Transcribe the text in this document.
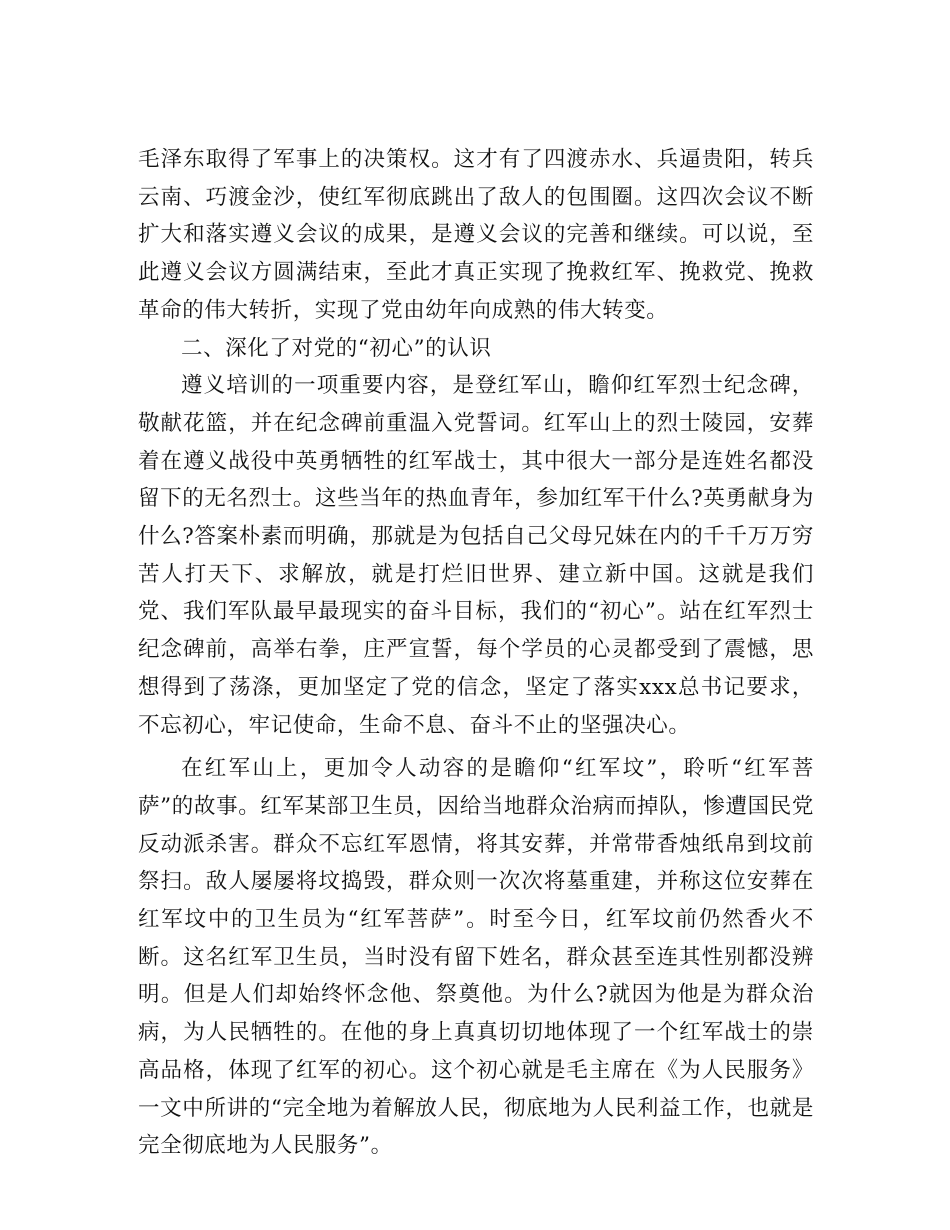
毛泽东取得了军事上的决策权。这才有了四渡赤水、兵逼贵阳，转兵云南、巧渡金沙，使红军彻底跳出了敌人的包围圈。这四次会议不断扩大和落实遵义会议的成果，是遵义会议的完善和继续。可以说，至此遵义会议方圆满结束，至此才真正实现了挽救红军、挽救党、挽救革命的伟大转折，实现了党由幼年向成熟的伟大转变。

二、深化了对党的“初心”的认识

遵义培训的一项重要内容，是登红军山，瞻仰红军烈士纪念碑，敬献花篮，并在纪念碑前重温入党誓词。红军山上的烈士陵园，安葬着在遵义战役中英勇牺牲的红军战士，其中很大一部分是连姓名都没留下的无名烈士。这些当年的热血青年，参加红军干什么?英勇献身为什么?答案朴素而明确，那就是为包括自己父母兄妹在内的千千万万穷苦人打天下、求解放，就是打烂旧世界、建立新中国。这就是我们党、我们军队最早最现实的奋斗目标，我们的“初心”。站在红军烈士纪念碑前，高举右拳，庄严宣誓，每个学员的心灵都受到了震憾，思想得到了荡涤，更加坚定了党的信念，坚定了落实xxx总书记要求，不忘初心，牢记使命，生命不息、奋斗不止的坚强决心。

在红军山上，更加令人动容的是瞻仰“红军坟”，聆听“红军菩萨”的故事。红军某部卫生员，因给当地群众治病而掉队，惨遭国民党反动派杀害。群众不忘红军恩情，将其安葬，并常带香烛纸帛到坟前祭扫。敌人屡屡将坟捣毁，群众则一次次将墓重建，并称这位安葬在红军坟中的卫生员为“红军菩萨”。时至今日，红军坟前仍然香火不断。这名红军卫生员，当时没有留下姓名，群众甚至连其性别都没辨明。但是人们却始终怀念他、祭奠他。为什么?就因为他是为群众治病，为人民牺牲的。在他的身上真真切切地体现了一个红军战士的崇高品格，体现了红军的初心。这个初心就是毛主席在《为人民服务》一文中所讲的“完全地为着解放人民，彻底地为人民利益工作，也就是完全彻底地为人民服务”。
